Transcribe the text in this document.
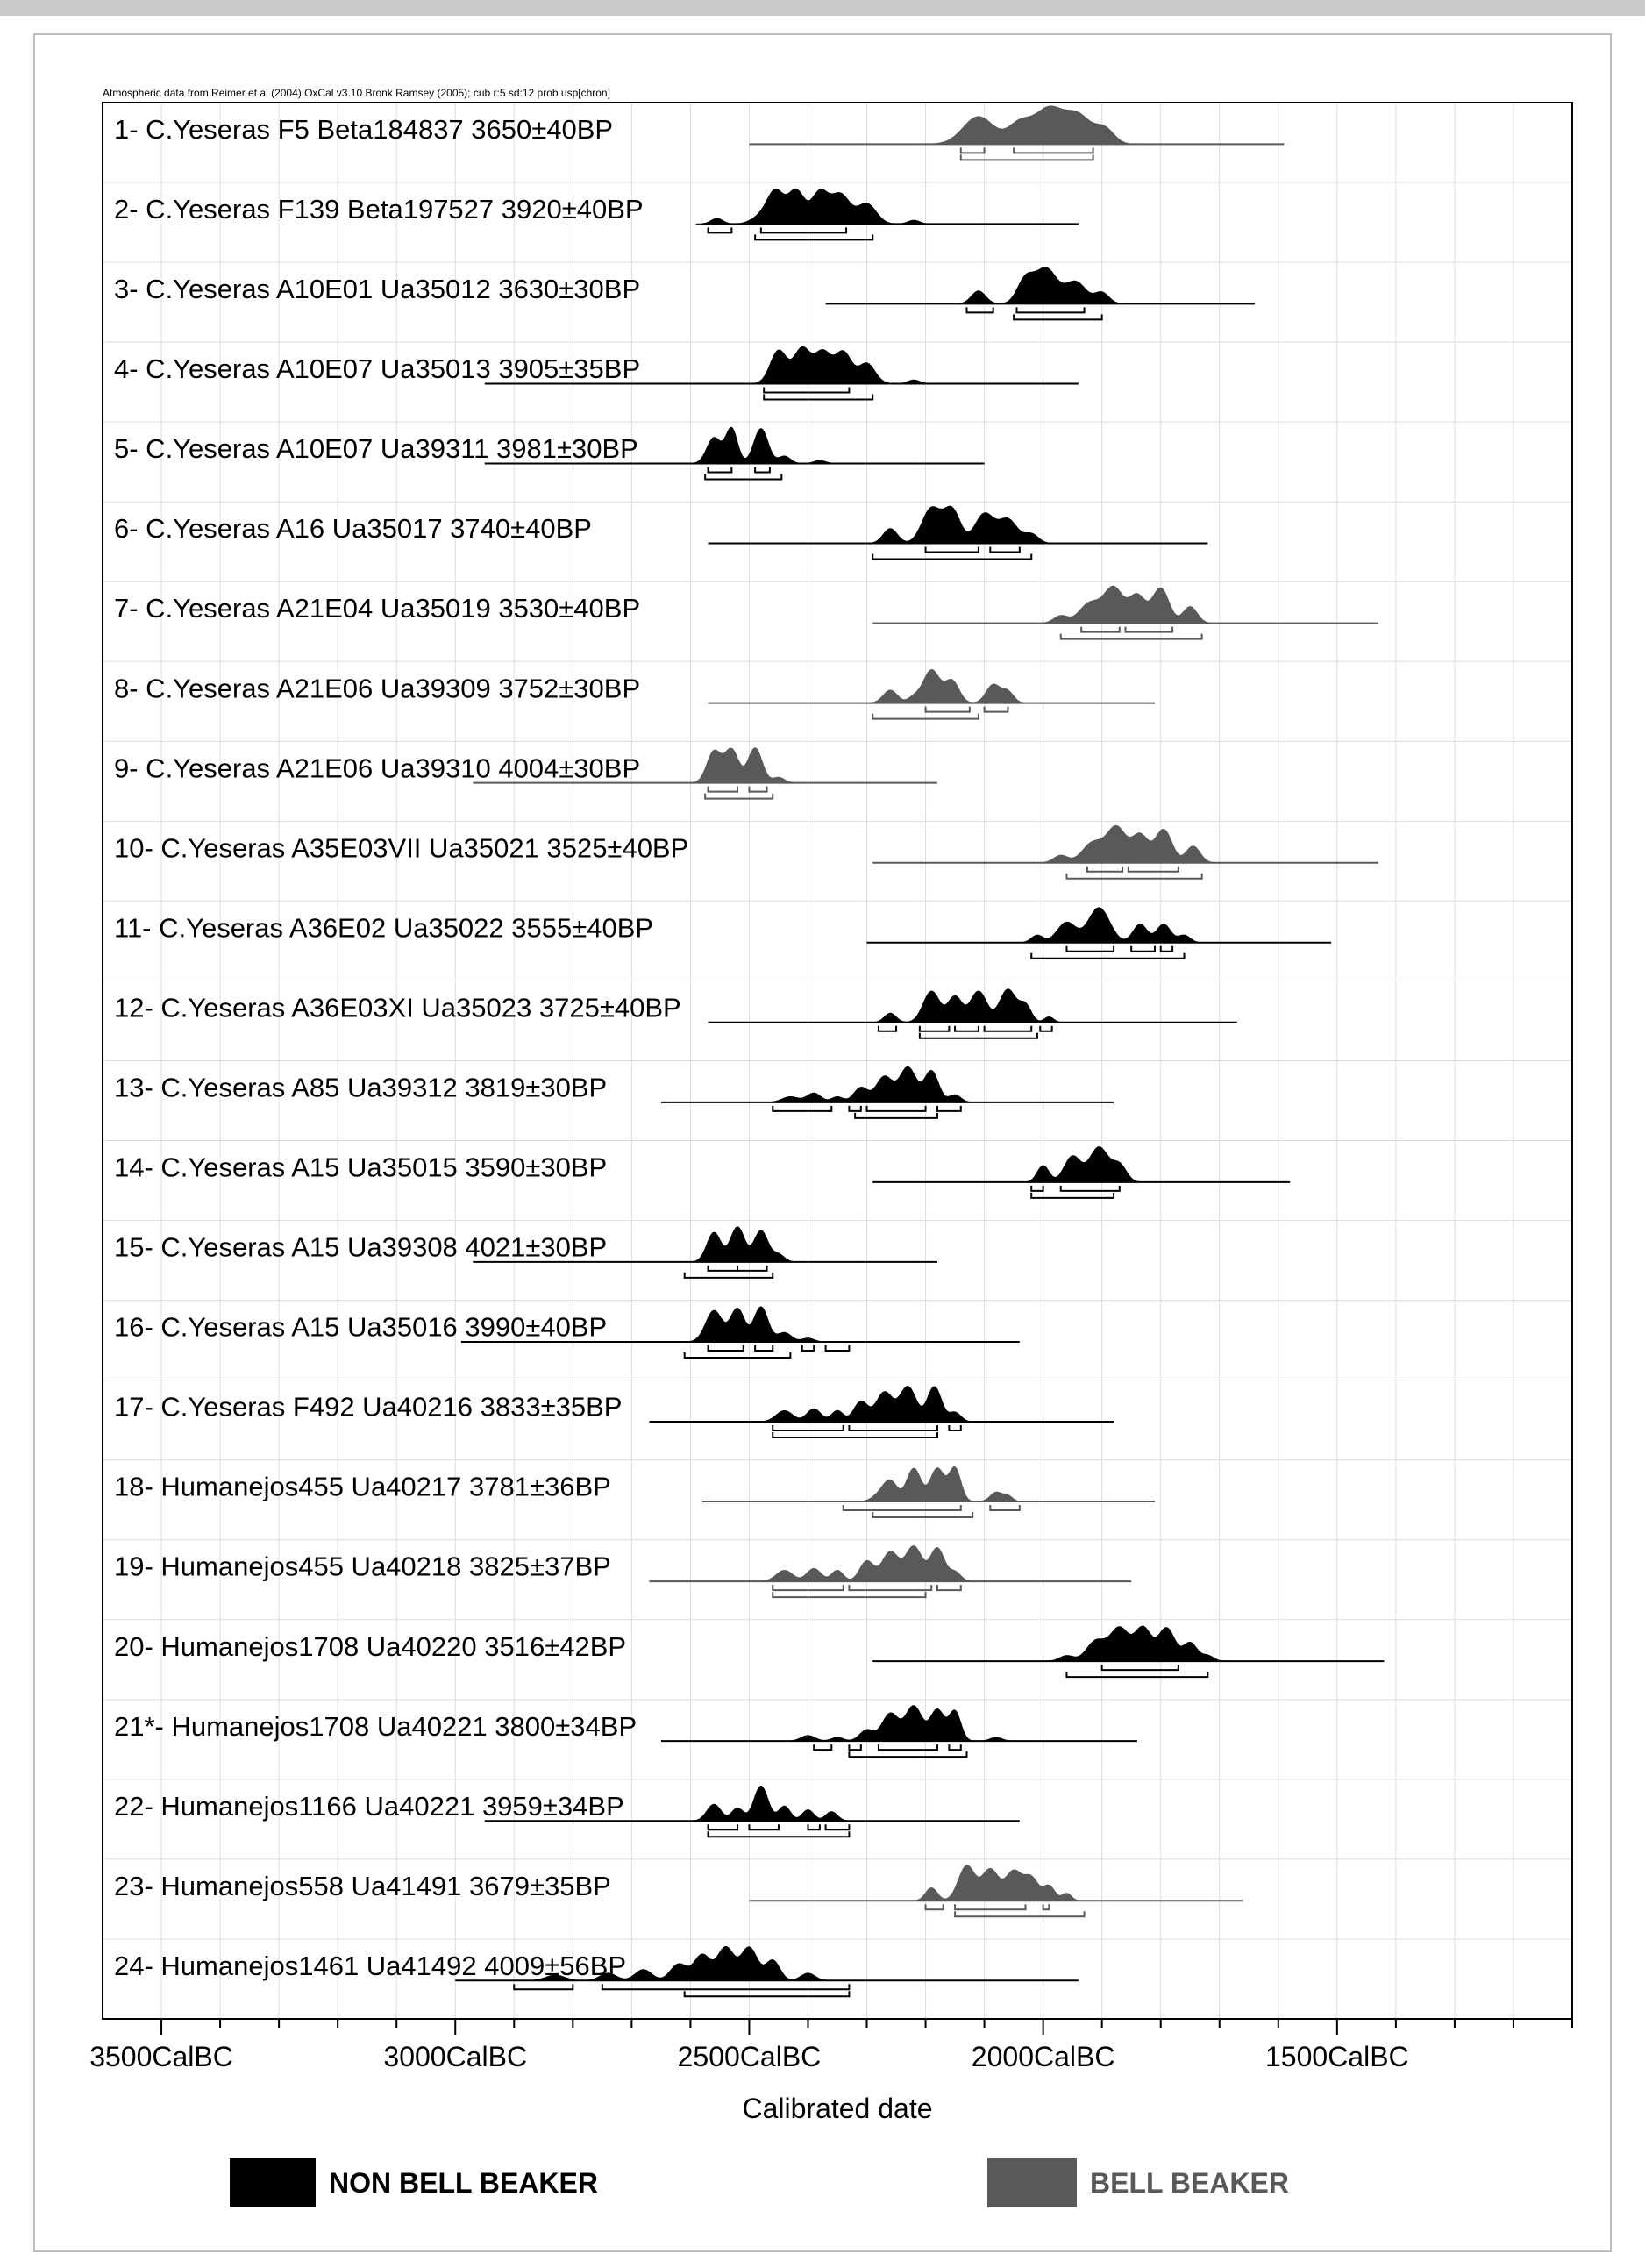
Atmospheric data from Reimer et al (2004);OxCal v3.10 Bronk Ramsey (2005); cub r:5 sd:12 prob usp[chron]
1- C.Yeseras F5 Beta184837 3650±40BP
2- C.Yeseras F139 Beta197527 3920±40BP
3- C.Yeseras A10E01 Ua35012 3630±30BP
4- C.Yeseras A10E07 Ua35013 3905±35BP
5- C.Yeseras A10E07 Ua39311 3981±30BP
6- C.Yeseras A16 Ua35017 3740±40BP
7- C.Yeseras A21E04 Ua35019 3530±40BP
8- C.Yeseras A21E06 Ua39309 3752±30BP
9- C.Yeseras A21E06 Ua39310 4004±30BP
10- C.Yeseras A35E03VII Ua35021 3525±40BP
11- C.Yeseras A36E02 Ua35022 3555±40BP
12- C.Yeseras A36E03XI Ua35023 3725±40BP
13- C.Yeseras A85 Ua39312 3819±30BP
14- C.Yeseras A15 Ua35015 3590±30BP
15- C.Yeseras A15 Ua39308 4021±30BP
16- C.Yeseras A15 Ua35016 3990±40BP
17- C.Yeseras F492 Ua40216 3833±35BP
18- Humanejos455 Ua40217 3781±36BP
19- Humanejos455 Ua40218 3825±37BP
20- Humanejos1708 Ua40220 3516±42BP
21*- Humanejos1708 Ua40221 3800±34BP
22- Humanejos1166 Ua40221 3959±34BP
23- Humanejos558 Ua41491 3679±35BP
24- Humanejos1461 Ua41492 4009±56BP
3500CalBC	3000CalBC	2500CalBC	2000CalBC	1500CalBC
Calibrated date
NON BELL BEAKER	BELL BEAKER
